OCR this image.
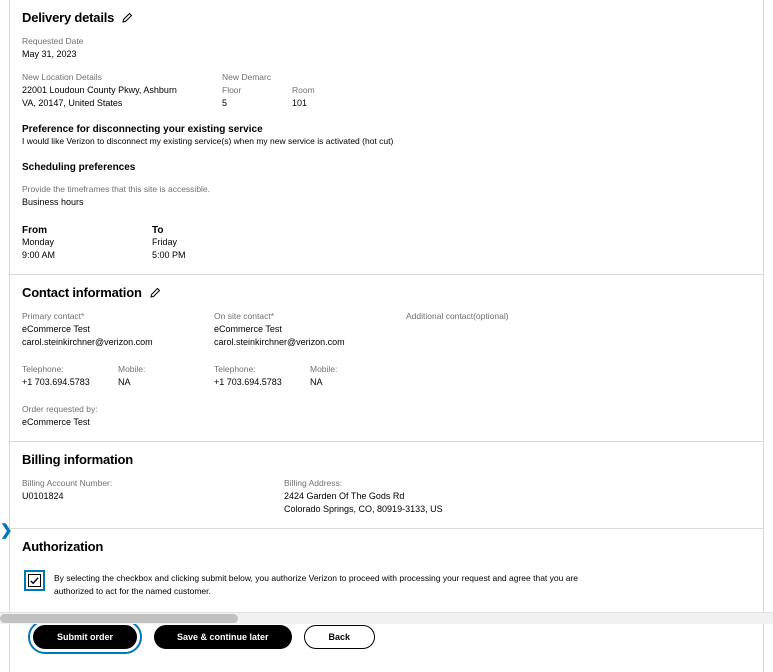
Delivery details
Requested Date
May 31, 2023
New Location Details
22001 Loudoun County Pkwy, Ashburn
VA, 20147, United States
New Demarc
Floor
5
Room
101
Preference for disconnecting your existing service
I would like Verizon to disconnect my existing service(s) when my new service is activated (hot cut)
Scheduling preferences
Provide the timeframes that this site is accessible.
Business hours
From
Monday
9:00 AM
To
Friday
5:00 PM
Contact information
Primary contact*
eCommerce Test
carol.steinkirchner@verizon.com
On site contact*
eCommerce Test
carol.steinkirchner@verizon.com
Additional contact(optional)
Telephone:
+1 703.694.5783
Mobile:
NA
Telephone:
+1 703.694.5783
Mobile:
NA
Order requested by:
eCommerce Test
Billing information
Billing Account Number:
U0101824
Billing Address:
2424 Garden Of The Gods Rd
Colorado Springs, CO, 80919-3133, US
Authorization
By selecting the checkbox and clicking submit below, you authorize Verizon to proceed with processing your request and agree that you are authorized to act for the named customer.
Submit order	Save & continue later	Back
❯
